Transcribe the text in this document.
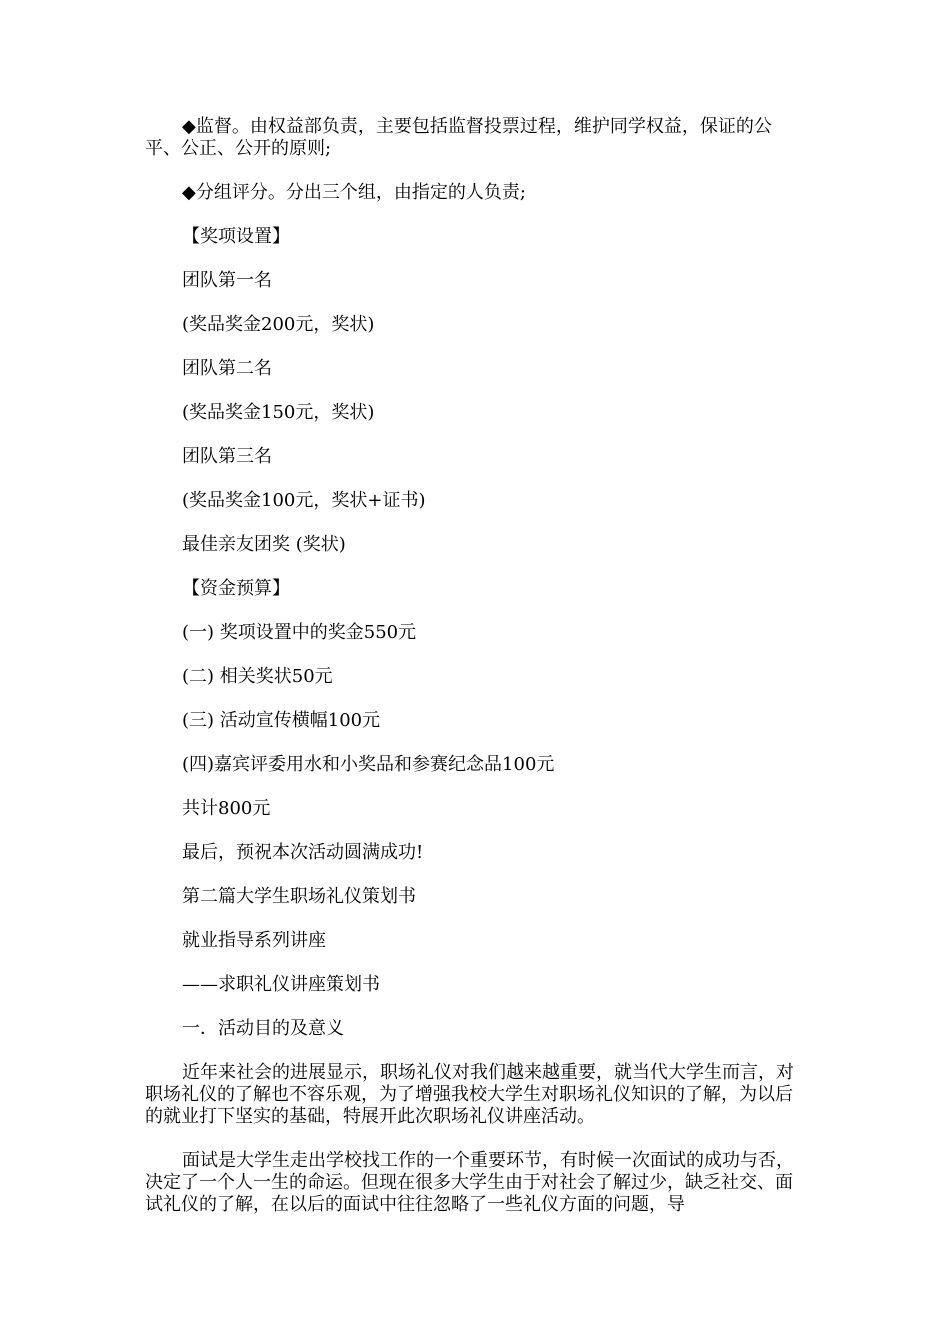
◆监督。由权益部负责，主要包括监督投票过程，维护同学权益，保证的公平、公正、公开的原则;
◆分组评分。分出三个组，由指定的人负责;
【奖项设置】
团队第一名
(奖品奖金200元，奖状)
团队第二名
(奖品奖金150元，奖状)
团队第三名
(奖品奖金100元，奖状+证书)
最佳亲友团奖 (奖状)
【资金预算】
(一) 奖项设置中的奖金550元
(二) 相关奖状50元
(三) 活动宣传横幅100元
(四)嘉宾评委用水和小奖品和参赛纪念品100元
共计800元
最后，预祝本次活动圆满成功!
第二篇大学生职场礼仪策划书
就业指导系列讲座
——求职礼仪讲座策划书
一．活动目的及意义
近年来社会的进展显示，职场礼仪对我们越来越重要，就当代大学生而言，对职场礼仪的了解也不容乐观，为了增强我校大学生对职场礼仪知识的了解，为以后的就业打下坚实的基础，特展开此次职场礼仪讲座活动。
面试是大学生走出学校找工作的一个重要环节，有时候一次面试的成功与否，决定了一个人一生的命运。但现在很多大学生由于对社会了解过少，缺乏社交、面试礼仪的了解，在以后的面试中往往忽略了一些礼仪方面的问题，导
